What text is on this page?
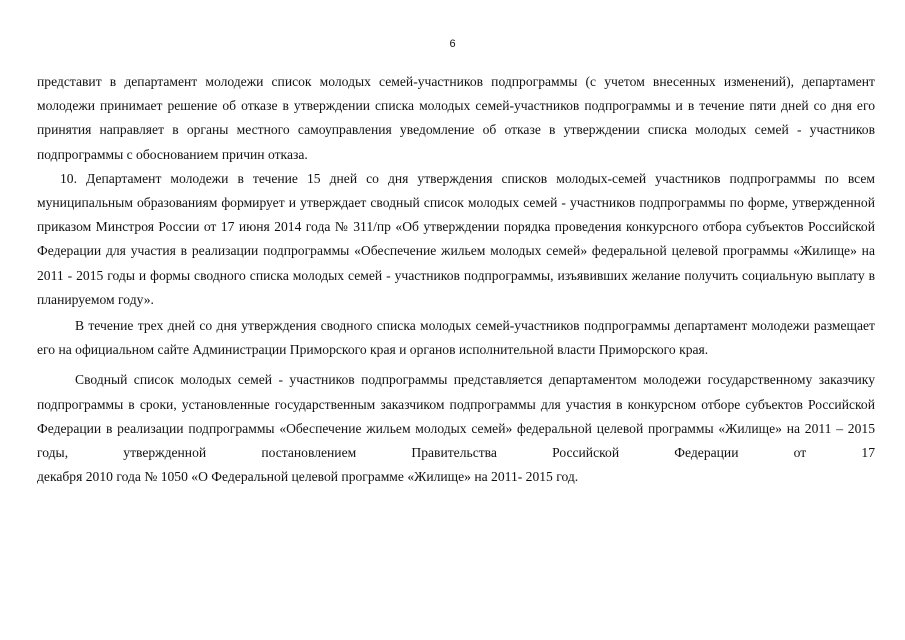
6

представит в департамент молодежи список молодых семей-участников подпрограммы (с учетом внесенных изменений), департамент молодежи принимает решение об отказе в утверждении списка молодых семей-участников подпрограммы и в течение пяти дней со дня его принятия направляет в органы местного самоуправления уведомление об отказе в утверждении списка молодых семей - участников подпрограммы с обоснованием причин отказа.

10. Департамент молодежи в течение 15 дней со дня утверждения списков молодых-семей участников подпрограммы по всем муниципальным образованиям формирует и утверждает сводный список молодых семей - участников подпрограммы по форме, утвержденной приказом Минстроя России от 17 июня 2014 года № 311/пр «Об утверждении порядка проведения конкурсного отбора субъектов Российской Федерации для участия в реализации подпрограммы «Обеспечение жильем молодых семей» федеральной целевой программы «Жилище» на 2011 - 2015 годы и формы сводного списка молодых семей - участников подпрограммы, изъявивших желание получить социальную выплату в планируемом году».

В течение трех дней со дня утверждения сводного списка молодых семей-участников подпрограммы департамент молодежи размещает его на официальном сайте Администрации Приморского края и органов исполнительной власти Приморского края.

Сводный список молодых семей - участников подпрограммы представляется департаментом молодежи государственному заказчику подпрограммы в сроки, установленные государственным заказчиком подпрограммы для участия в конкурсном отборе субъектов Российской Федерации в реализации подпрограммы «Обеспечение жильем молодых семей» федеральной целевой программы «Жилище» на 2011 – 2015 годы, утвержденной постановлением Правительства Российской Федерации от 17

декабря 2010 года № 1050 «О Федеральной целевой программе «Жилище» на 2011- 2015 год.
